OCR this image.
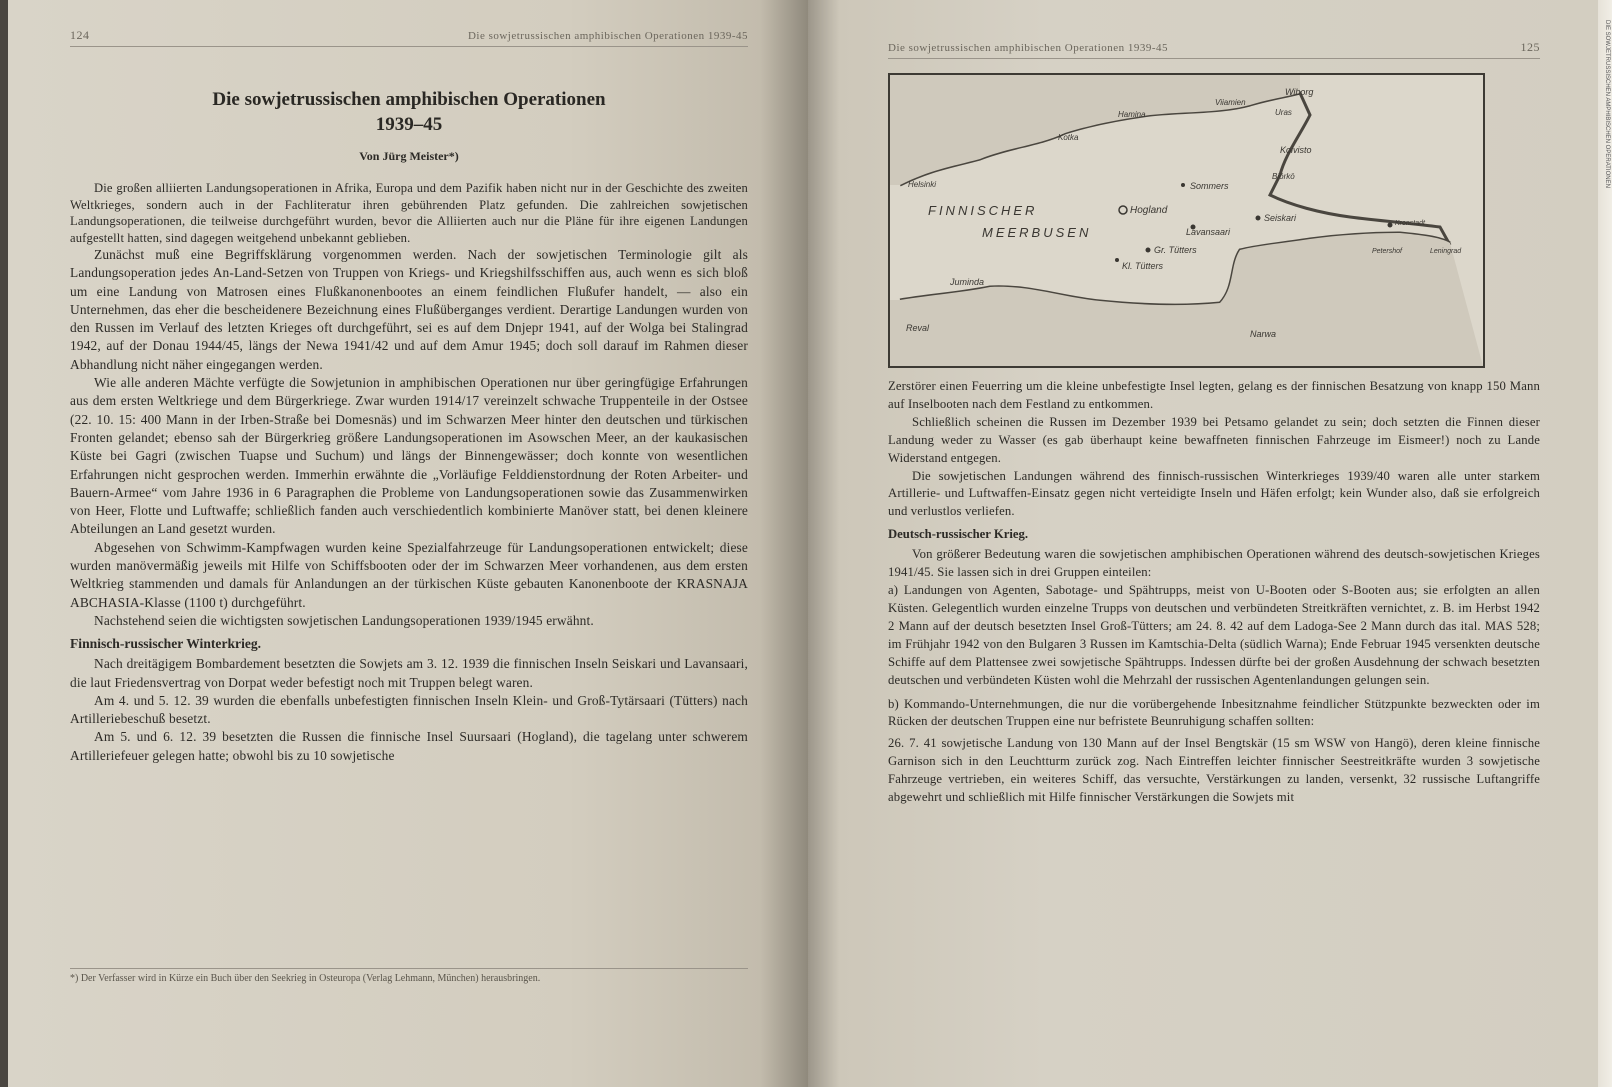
124	Die sowjetrussischen amphibischen Operationen 1939-45
Die sowjetrussischen amphibischen Operationen
1939–45
Von Jürg Meister*)

Die großen alliierten Landungsoperationen in Afrika, Europa und dem Pazifik haben nicht nur in der Geschichte des zweiten Weltkrieges, sondern auch in der Fachliteratur ihren gebührenden Platz gefunden. Die zahlreichen sowjetischen Landungsoperationen, die teilweise durchgeführt wurden, bevor die Alliierten auch nur die Pläne für ihre eigenen Landungen aufgestellt hatten, sind dagegen weitgehend unbekannt geblieben.

Zunächst muß eine Begriffsklärung vorgenommen werden. Nach der sowjetischen Terminologie gilt als Landungsoperation jedes An-Land-Setzen von Truppen von Kriegs- und Kriegshilfsschiffen aus, auch wenn es sich bloß um eine Landung von Matrosen eines Flußkanonenbootes an einem feindlichen Flußufer handelt, — also ein Unternehmen, das eher die bescheidenere Bezeichnung eines Flußüberganges verdient. Derartige Landungen wurden von den Russen im Verlauf des letzten Krieges oft durchgeführt, sei es auf dem Dnjepr 1941, auf der Wolga bei Stalingrad 1942, auf der Donau 1944/45, längs der Newa 1941/42 und auf dem Amur 1945; doch soll darauf im Rahmen dieser Abhandlung nicht näher eingegangen werden.

Wie alle anderen Mächte verfügte die Sowjetunion in amphibischen Operationen nur über geringfügige Erfahrungen aus dem ersten Weltkriege und dem Bürgerkriege. Zwar wurden 1914/17 vereinzelt schwache Truppenteile in der Ostsee (22. 10. 15: 400 Mann in der Irben-Straße bei Domesnäs) und im Schwarzen Meer hinter den deutschen und türkischen Fronten gelandet; ebenso sah der Bürgerkrieg größere Landungsoperationen im Asowschen Meer, an der kaukasischen Küste bei Gagri (zwischen Tuapse und Suchum) und längs der Binnengewässer; doch konnte von wesentlichen Erfahrungen nicht gesprochen werden. Immerhin erwähnte die „Vorläufige Felddienstordnung der Roten Arbeiter- und Bauern-Armee“ vom Jahre 1936 in 6 Paragraphen die Probleme von Landungsoperationen sowie das Zusammenwirken von Heer, Flotte und Luftwaffe; schließlich fanden auch verschiedentlich kombinierte Manöver statt, bei denen kleinere Abteilungen an Land gesetzt wurden.

Abgesehen von Schwimm-Kampfwagen wurden keine Spezialfahrzeuge für Landungsoperationen entwickelt; diese wurden manövermäßig jeweils mit Hilfe von Schiffsbooten oder der im Schwarzen Meer vorhandenen, aus dem ersten Weltkrieg stammenden und damals für Anlandungen an der türkischen Küste gebauten Kanonenboote der KRASNAJA ABCHASIA-Klasse (1100 t) durchgeführt.

Nachstehend seien die wichtigsten sowjetischen Landungsoperationen 1939/1945 erwähnt.

Finnisch-russischer Winterkrieg.

Nach dreitägigem Bombardement besetzten die Sowjets am 3. 12. 1939 die finnischen Inseln Seiskari und Lavansaari, die laut Friedensvertrag von Dorpat weder befestigt noch mit Truppen belegt waren.

Am 4. und 5. 12. 39 wurden die ebenfalls unbefestigten finnischen Inseln Klein- und Groß-Tytärsaari (Tütters) nach Artilleriebeschuß besetzt.

Am 5. und 6. 12. 39 besetzten die Russen die finnische Insel Suursaari (Hogland), die tagelang unter schwerem Artilleriefeuer gelegen hatte; obwohl bis zu 10 sowjetische

*) Der Verfasser wird in Kürze ein Buch über den Seekrieg in Osteuropa (Verlag Lehmann, München) herausbringen.
Die sowjetrussischen amphibischen Operationen 1939-45	125
FINNISCHER
MEERBUSEN
Wiborg
Koivisto
Uras
Björkö
Viiamien
Hamina
Kotka
Helsinki	Sommers
Hogland
Seiskari
Lavansaari
Gr. Tütters
Kl. Tütters
Kronstadt
Petershof	Leningrad
Juminda
Reval
Narwa

Zerstörer einen Feuerring um die kleine unbefestigte Insel legten, gelang es der finnischen Besatzung von knapp 150 Mann auf Inselbooten nach dem Festland zu entkommen.

Schließlich scheinen die Russen im Dezember 1939 bei Petsamo gelandet zu sein; doch setzten die Finnen dieser Landung weder zu Wasser (es gab überhaupt keine bewaffneten finnischen Fahrzeuge im Eismeer!) noch zu Lande Widerstand entgegen.

Die sowjetischen Landungen während des finnisch-russischen Winterkrieges 1939/40 waren alle unter starkem Artillerie- und Luftwaffen-Einsatz gegen nicht verteidigte Inseln und Häfen erfolgt; kein Wunder also, daß sie erfolgreich und verlustlos verliefen.

Deutsch-russischer Krieg.

Von größerer Bedeutung waren die sowjetischen amphibischen Operationen während des deutsch-sowjetischen Krieges 1941/45. Sie lassen sich in drei Gruppen einteilen:

a) Landungen von Agenten, Sabotage- und Spähtrupps, meist von U-Booten oder S-Booten aus; sie erfolgten an allen Küsten. Gelegentlich wurden einzelne Trupps von deutschen und verbündeten Streitkräften vernichtet, z. B. im Herbst 1942 2 Mann auf der deutsch besetzten Insel Groß-Tütters; am 24. 8. 42 auf dem Ladoga-See 2 Mann durch das ital. MAS 528; im Frühjahr 1942 von den Bulgaren 3 Russen im Kamtschia-Delta (südlich Warna); Ende Februar 1945 versenkten deutsche Schiffe auf dem Plattensee zwei sowjetische Spähtrupps. Indessen dürfte bei der großen Ausdehnung der schwach besetzten deutschen und verbündeten Küsten wohl die Mehrzahl der russischen Agentenlandungen gelungen sein.

b) Kommando-Unternehmungen, die nur die vorübergehende Inbesitznahme feindlicher Stützpunkte bezweckten oder im Rücken der deutschen Truppen eine nur befristete Beunruhigung schaffen sollten:

26. 7. 41 sowjetische Landung von 130 Mann auf der Insel Bengtskär (15 sm WSW von Hangö), deren kleine finnische Garnison sich in den Leuchtturm zurück zog. Nach Eintreffen leichter finnischer Seestreitkräfte wurden 3 sowjetische Fahrzeuge vertrieben, ein weiteres Schiff, das versuchte, Verstärkungen zu landen, versenkt, 32 russische Luftangriffe abgewehrt und schließlich mit Hilfe finnischer Verstärkungen die Sowjets mit

DIE SOWJETRUSSISCHEN AMPHIBISCHEN OPERATIONEN
